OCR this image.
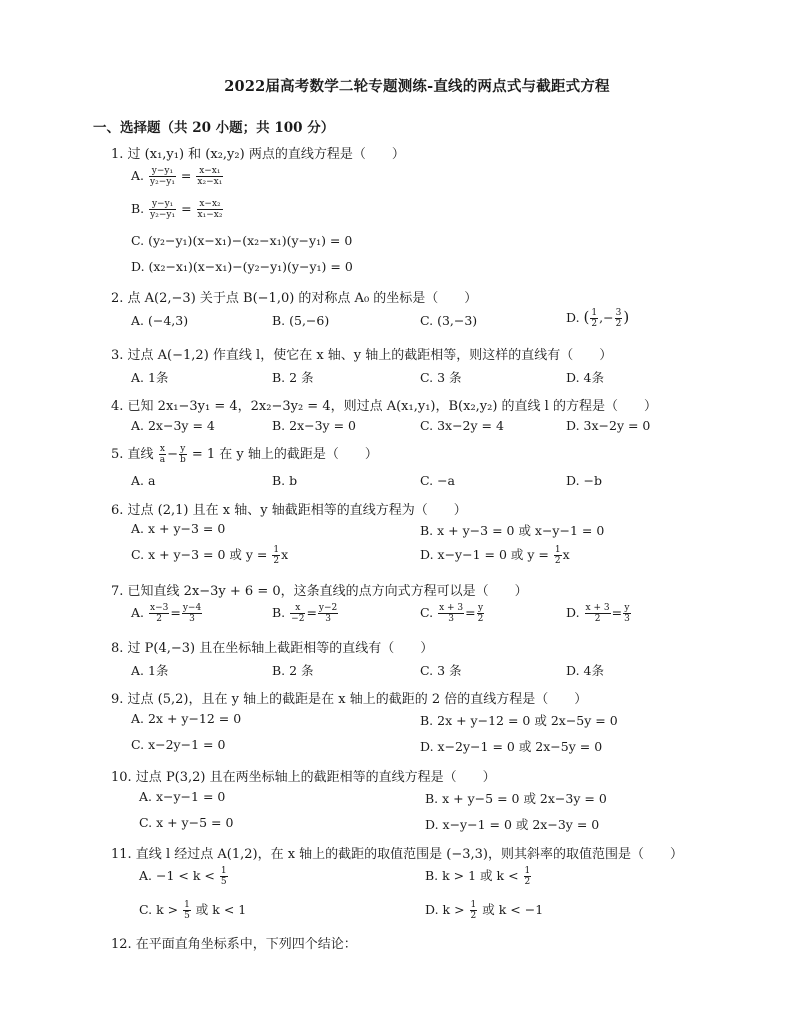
2022届高考数学二轮专题测练-直线的两点式与截距式方程
一、选择题（共 20 小题；共 100 分）
1. 过 (x₁,y₁) 和 (x₂,y₂) 两点的直线方程是（　　）
A. $\frac{\text{y−y₁}}{\text{y₂−y₁}} = \frac{\text{x−x₁}}{\text{x₂−x₁}}$
B. $\frac{\text{y−y₁}}{\text{y₂−y₁}} = \frac{\text{x−x₂}}{\text{x₁−x₂}}$
C. (y₂−y₁)(x−x₁)−(x₂−x₁)(y−y₁) = 0
D. (x₂−x₁)(x−x₁)−(y₂−y₁)(y−y₁) = 0
2. 点 A(2,−3) 关于点 B(−1,0) 的对称点 A₀ 的坐标是（　　）
A. (−4,3)	B. (5,−6)	C. (3,−3)	D. ( $\frac{1}{2}$ ,− $\frac{3}{2}$ )
3. 过点 A(−1,2) 作直线 l，使它在 x 轴、y 轴上的截距相等，则这样的直线有（　　）
A. 1条	B. 2 条	C. 3 条	D. 4条
4. 已知 2x₁−3y₁ = 4，2x₂−3y₂ = 4，则过点 A(x₁,y₁)，B(x₂,y₂) 的直线 l 的方程是（　　）
A. 2x−3y = 4	B. 2x−3y = 0	C. 3x−2y = 4	D. 3x−2y = 0
5. 直线 $\frac{x}{a} - \frac{y}{b} = 1$ 在 y 轴上的截距是（　　）
A. a	B. b	C. −a	D. −b
6. 过点 (2,1) 且在 x 轴、y 轴截距相等的直线方程为（　　）
A. x + y−3 = 0	B. x + y−3 = 0 或 x−y−1 = 0
C. x + y−3 = 0 或 $y = \frac{1}{2}$ x	D. x−y−1 = 0 或 $y = \frac{1}{2}$ x
7. 已知直线 2x−3y + 6 = 0，这条直线的点方向式方程可以是（　　）
A. $\frac{x-3}{2} = \frac{y-4}{3}$	B. $\frac{x}{-2} = \frac{y-2}{3}$	C. $\frac{x + 3}{3} = \frac{y}{2}$	D. $\frac{x + 3}{2} = \frac{y}{3}$
8. 过 P(4,−3) 且在坐标轴上截距相等的直线有（　　）
A. 1条	B. 2 条	C. 3 条	D. 4条
9. 过点 (5,2)，且在 y 轴上的截距是在 x 轴上的截距的 2 倍的直线方程是（　　）
A. 2x + y−12 = 0	B. 2x + y−12 = 0 或 2x−5y = 0
C. x−2y−1 = 0	D. x−2y−1 = 0 或 2x−5y = 0
10. 过点 P(3,2) 且在两坐标轴上的截距相等的直线方程是（　　）
A. x−y−1 = 0	B. x + y−5 = 0 或 2x−3y = 0
C. x + y−5 = 0	D. x−y−1 = 0 或 2x−3y = 0
11. 直线 l 经过点 A(1,2)，在 x 轴上的截距的取值范围是 (−3,3)，则其斜率的取值范围是（　　）
A. $-1 < k < \frac{1}{5}$	B. k > 1 或 $k < \frac{1}{2}$
C. $k > \frac{1}{5}$ 或 k < 1	D. $k > \frac{1}{2}$ 或 k < −1
12. 在平面直角坐标系中，下列四个结论：
